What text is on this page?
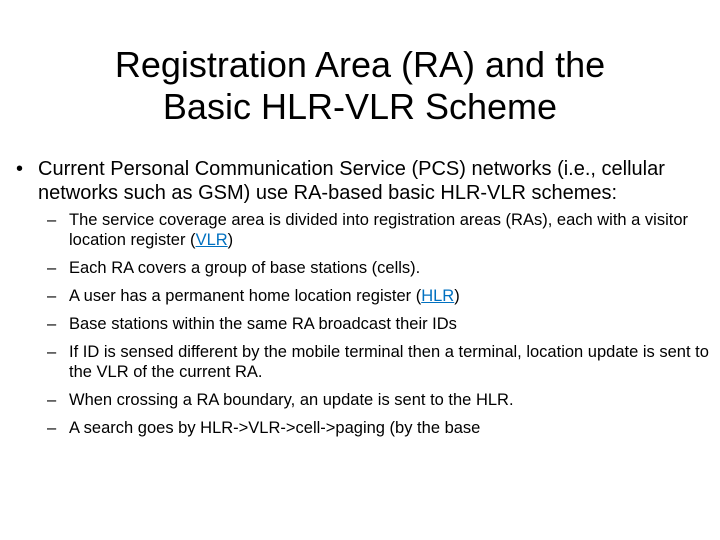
Registration Area (RA) and the
Basic HLR-VLR Scheme
• Current Personal Communication Service (PCS) networks (i.e., cellular networks such as GSM) use RA-based basic HLR-VLR schemes:
– The service coverage area is divided into registration areas (RAs), each with a visitor location register (VLR)
– Each RA covers a group of base stations (cells).
– A user has a permanent home location register (HLR)
– Base stations within the same RA broadcast their IDs
– If ID is sensed different by the mobile terminal then a terminal, location update is sent to the VLR of the current RA.
– When crossing a RA boundary, an update is sent to the HLR.
– A search goes by HLR->VLR->cell->paging (by the base
